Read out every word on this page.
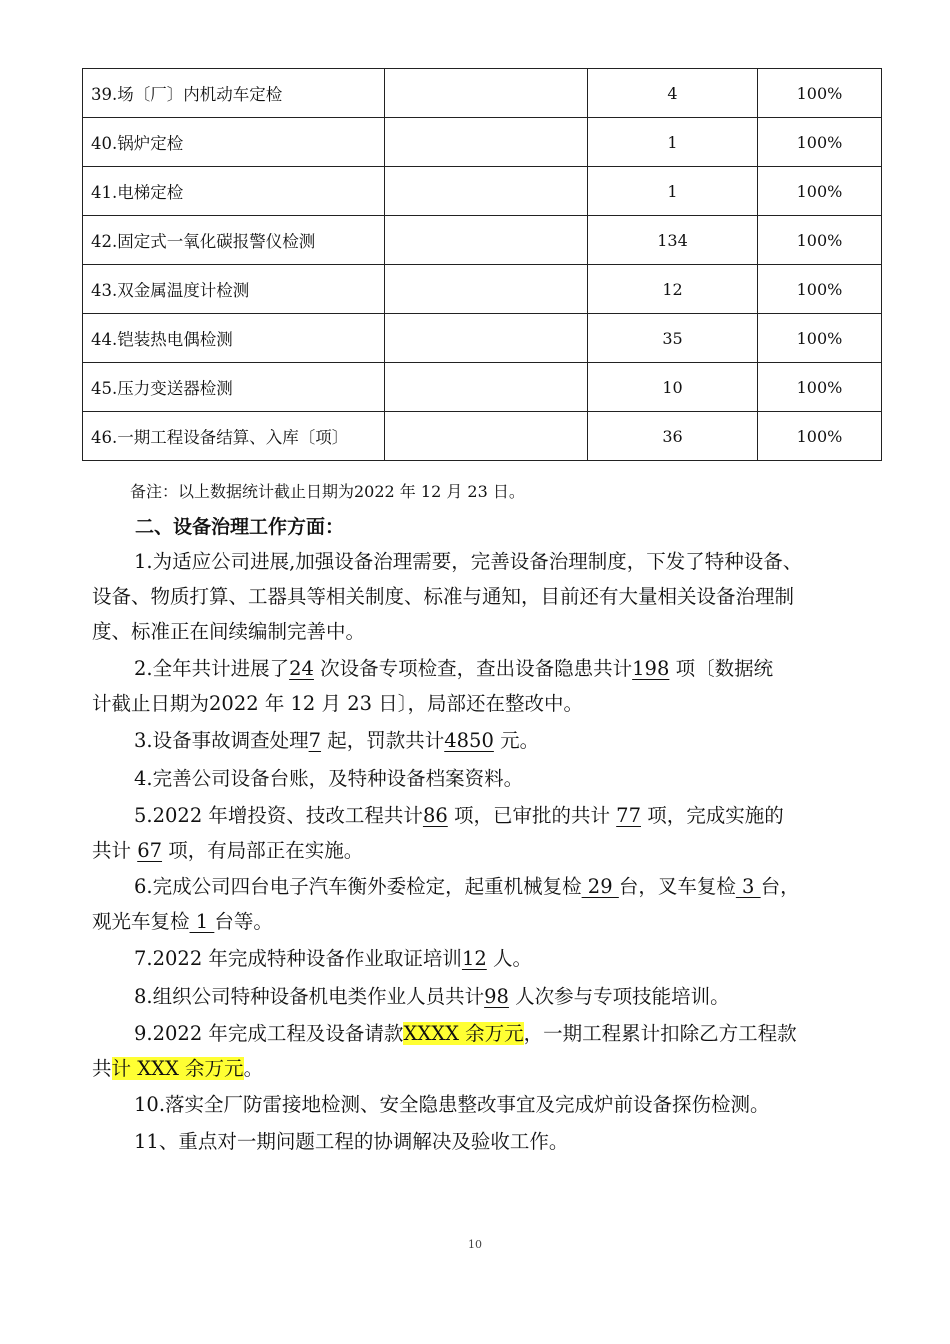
39.场〔厂〕内机动车定检		4	100%
40.锅炉定检		1	100%
41.电梯定检		1	100%
42.固定式一氧化碳报警仪检测		134	100%
43.双金属温度计检测		12	100%
44.铠装热电偶检测		35	100%
45.压力变送器检测		10	100%
46.一期工程设备结算、入库〔项〕		36	100%
备注：以上数据统计截止日期为2022 年 12 月 23 日。
二、设备治理工作方面：
1.为适应公司进展,加强设备治理需要，完善设备治理制度，下发了特种设备、
设备、物质打算、工器具等相关制度、标准与通知，目前还有大量相关设备治理制
度、标准正在间续编制完善中。
2.全年共计进展了24 次设备专项检查，查出设备隐患共计198 项〔数据统
计截止日期为2022 年 12 月 23 日〕，局部还在整改中。
3.设备事故调查处理7 起，罚款共计4850 元。
4.完善公司设备台账，及特种设备档案资料。
5.2022 年增投资、技改工程共计86 项，已审批的共计 77 项，完成实施的
共计 67 项，有局部正在实施。
6.完成公司四台电子汽车衡外委检定，起重机械复检 29 台，叉车复检 3 台，
观光车复检 1 台等。
7.2022 年完成特种设备作业取证培训12 人。
8.组织公司特种设备机电类作业人员共计98 人次参与专项技能培训。
9.2022 年完成工程及设备请款XXXX 余万元，一期工程累计扣除乙方工程款
共计 XXX 余万元。
10.落实全厂防雷接地检测、安全隐患整改事宜及完成炉前设备探伤检测。
11、重点对一期问题工程的协调解决及验收工作。
10
